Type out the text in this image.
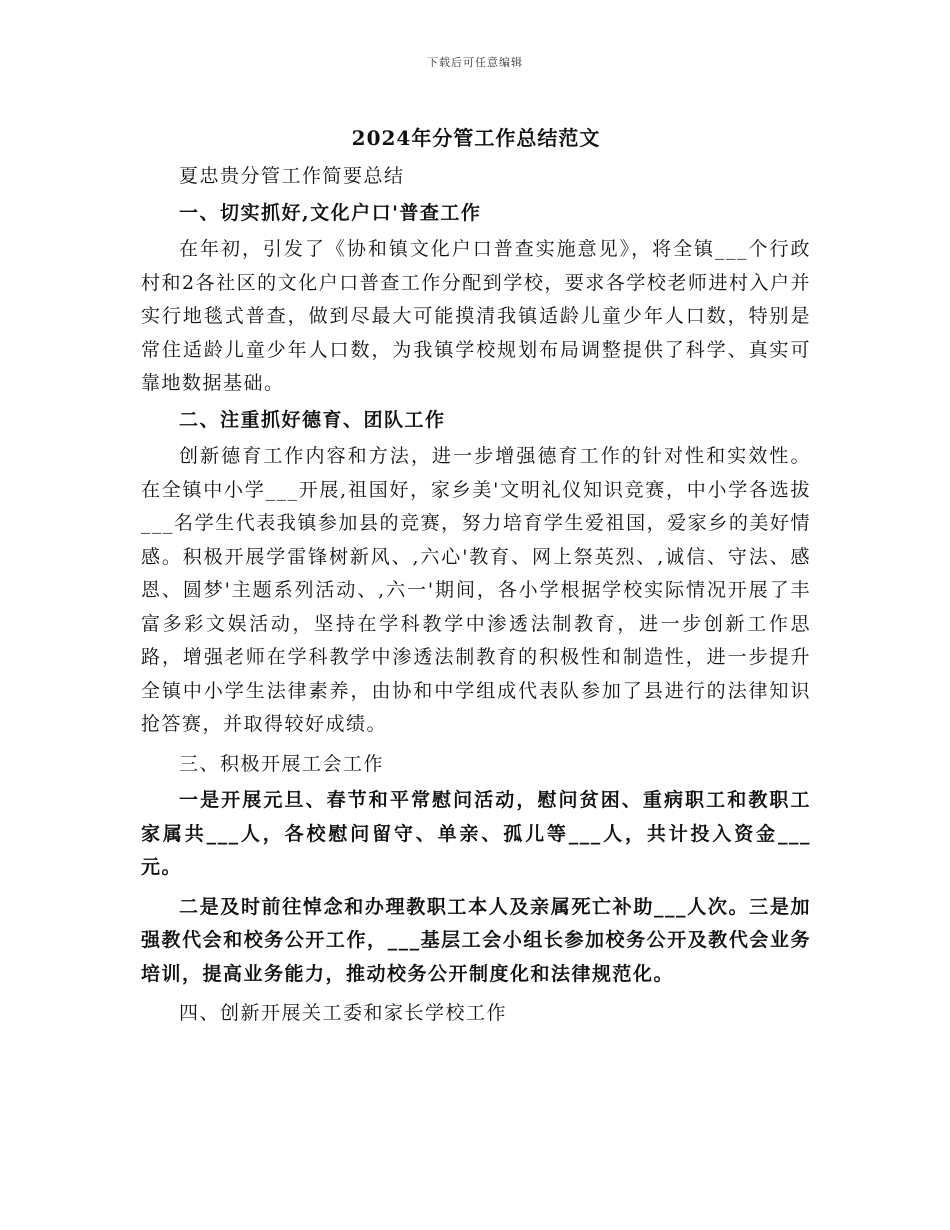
下载后可任意编辑
2024年分管工作总结范文

夏忠贵分管工作简要总结

一、切实抓好,文化户口'普查工作

在年初，引发了《协和镇文化户口普查实施意见》，将全镇___个行政村和2各社区的文化户口普查工作分配到学校，要求各学校老师进村入户并实行地毯式普查，做到尽最大可能摸清我镇适龄儿童少年人口数，特别是常住适龄儿童少年人口数，为我镇学校规划布局调整提供了科学、真实可靠地数据基础。

二、注重抓好德育、团队工作

创新德育工作内容和方法，进一步增强德育工作的针对性和实效性。在全镇中小学___开展,祖国好，家乡美'文明礼仪知识竞赛，中小学各选拔___名学生代表我镇参加县的竞赛，努力培育学生爱祖国，爱家乡的美好情感。积极开展学雷锋树新风、,六心'教育、网上祭英烈、,诚信、守法、感恩、圆梦'主题系列活动、,六一'期间，各小学根据学校实际情况开展了丰富多彩文娱活动，坚持在学科教学中渗透法制教育，进一步创新工作思路，增强老师在学科教学中渗透法制教育的积极性和制造性，进一步提升全镇中小学生法律素养，由协和中学组成代表队参加了县进行的法律知识抢答赛，并取得较好成绩。

三、积极开展工会工作

一是开展元旦、春节和平常慰问活动，慰问贫困、重病职工和教职工家属共___人，各校慰问留守、单亲、孤儿等___人，共计投入资金___元。

二是及时前往悼念和办理教职工本人及亲属死亡补助___人次。三是加强教代会和校务公开工作，___基层工会小组长参加校务公开及教代会业务培训，提高业务能力，推动校务公开制度化和法律规范化。

四、创新开展关工委和家长学校工作
